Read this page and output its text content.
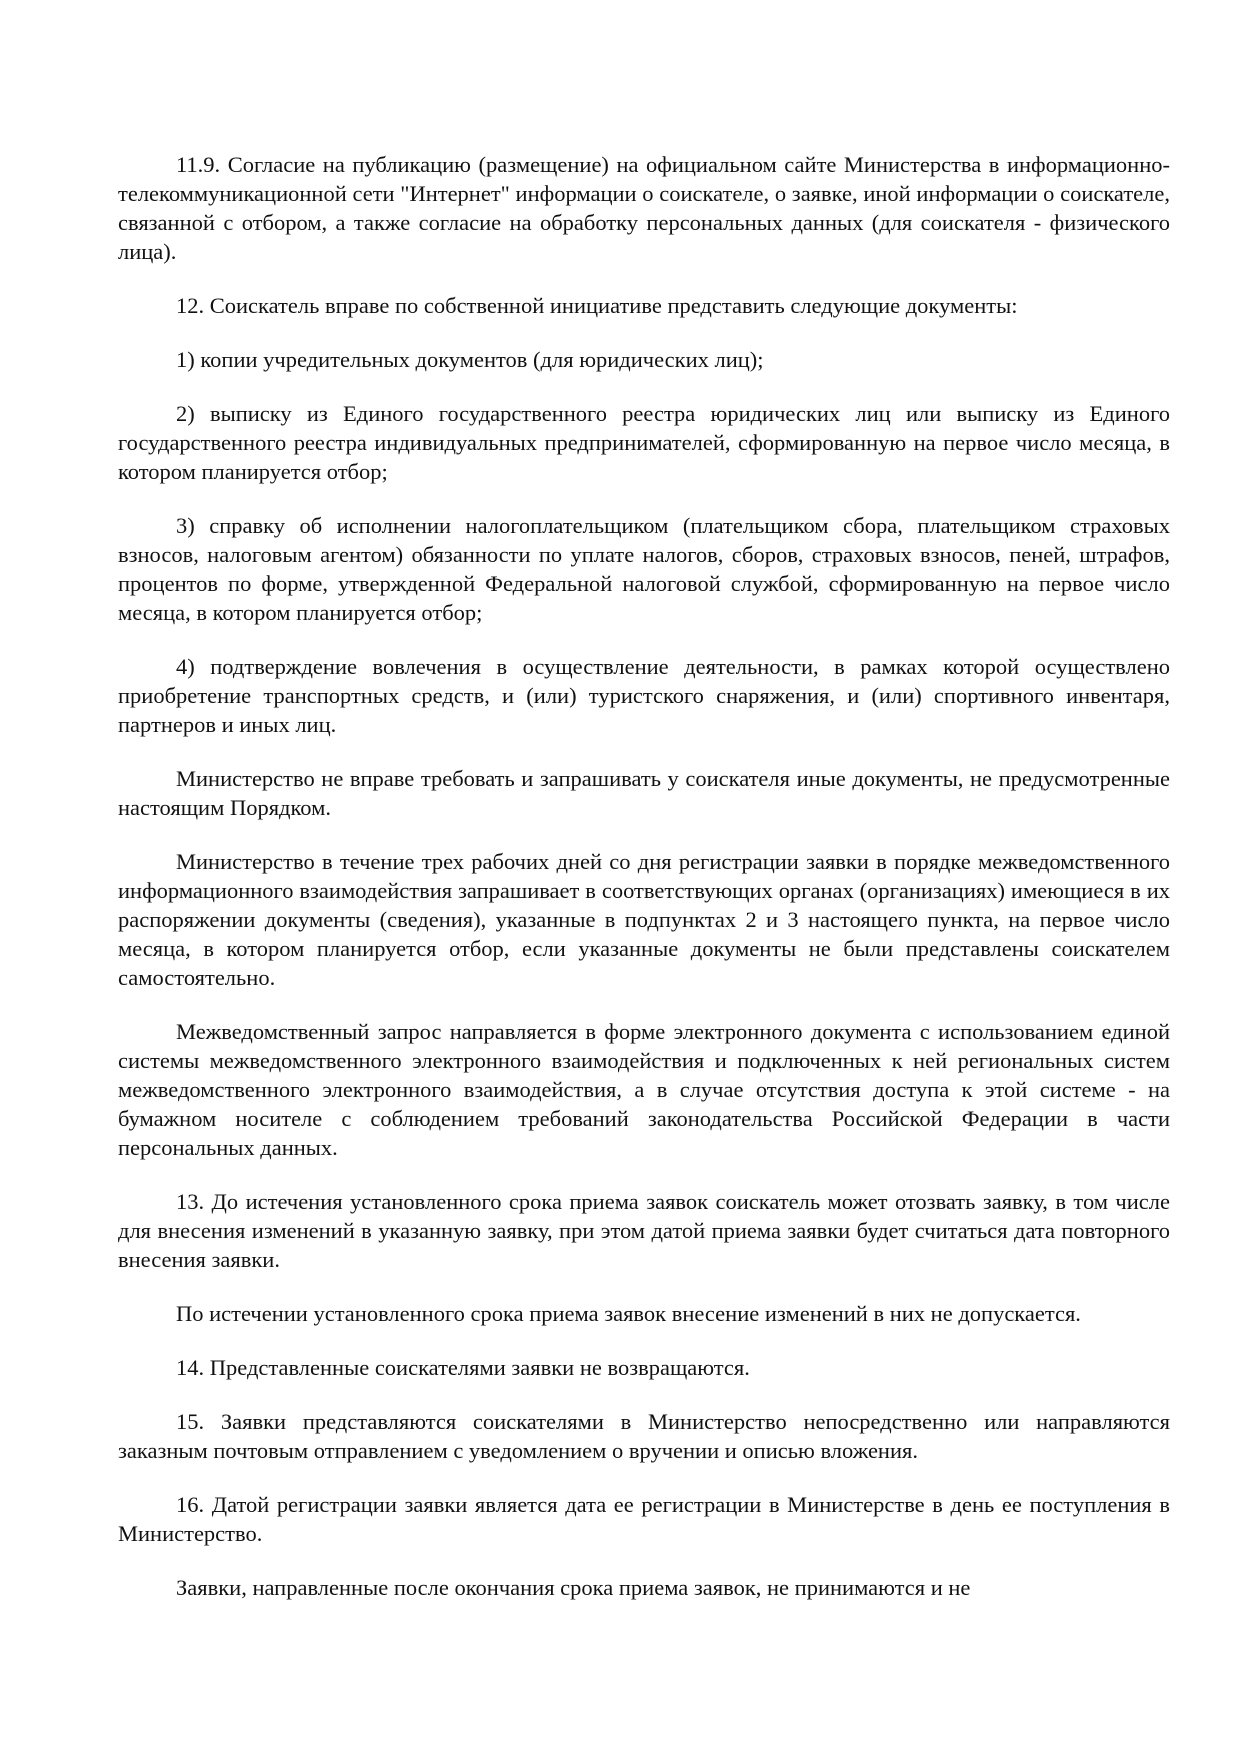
11.9. Согласие на публикацию (размещение) на официальном сайте Министерства в информационно-телекоммуникационной сети "Интернет" информации о соискателе, о заявке, иной информации о соискателе, связанной с отбором, а также согласие на обработку персональных данных (для соискателя - физического лица).

12. Соискатель вправе по собственной инициативе представить следующие документы:

1) копии учредительных документов (для юридических лиц);

2) выписку из Единого государственного реестра юридических лиц или выписку из Единого государственного реестра индивидуальных предпринимателей, сформированную на первое число месяца, в котором планируется отбор;

3) справку об исполнении налогоплательщиком (плательщиком сбора, плательщиком страховых взносов, налоговым агентом) обязанности по уплате налогов, сборов, страховых взносов, пеней, штрафов, процентов по форме, утвержденной Федеральной налоговой службой, сформированную на первое число месяца, в котором планируется отбор;

4) подтверждение вовлечения в осуществление деятельности, в рамках которой осуществлено приобретение транспортных средств, и (или) туристского снаряжения, и (или) спортивного инвентаря, партнеров и иных лиц.

Министерство не вправе требовать и запрашивать у соискателя иные документы, не предусмотренные настоящим Порядком.

Министерство в течение трех рабочих дней со дня регистрации заявки в порядке межведомственного информационного взаимодействия запрашивает в соответствующих органах (организациях) имеющиеся в их распоряжении документы (сведения), указанные в подпунктах 2 и 3 настоящего пункта, на первое число месяца, в котором планируется отбор, если указанные документы не были представлены соискателем самостоятельно.

Межведомственный запрос направляется в форме электронного документа с использованием единой системы межведомственного электронного взаимодействия и подключенных к ней региональных систем межведомственного электронного взаимодействия, а в случае отсутствия доступа к этой системе - на бумажном носителе с соблюдением требований законодательства Российской Федерации в части персональных данных.

13. До истечения установленного срока приема заявок соискатель может отозвать заявку, в том числе для внесения изменений в указанную заявку, при этом датой приема заявки будет считаться дата повторного внесения заявки.

По истечении установленного срока приема заявок внесение изменений в них не допускается.

14. Представленные соискателями заявки не возвращаются.

15. Заявки представляются соискателями в Министерство непосредственно или направляются заказным почтовым отправлением с уведомлением о вручении и описью вложения.

16. Датой регистрации заявки является дата ее регистрации в Министерстве в день ее поступления в Министерство.

Заявки, направленные после окончания срока приема заявок, не принимаются и не
